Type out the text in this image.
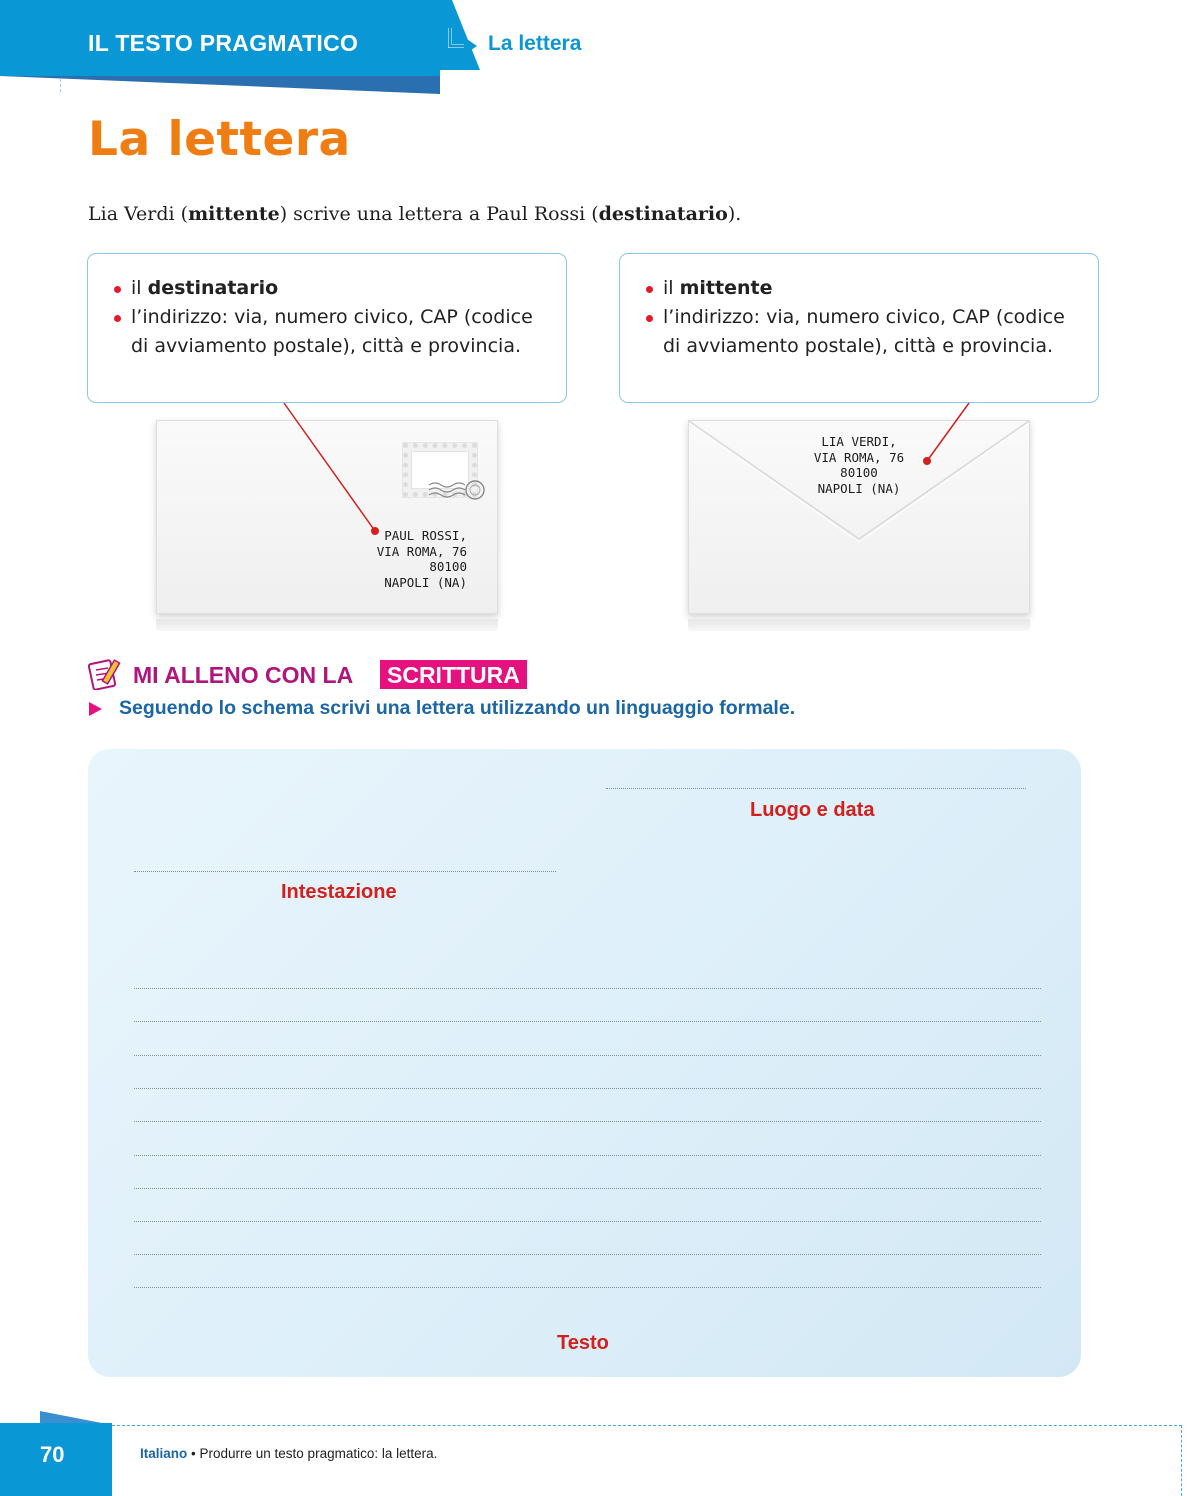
IL TESTO PRAGMATICO	La lettera
La lettera

Lia Verdi (mittente) scrive una lettera a Paul Rossi (destinatario).

il destinatario
l’indirizzo: via, numero civico, CAP (codice di avviamento postale), città e provincia.
il mittente
l’indirizzo: via, numero civico, CAP (codice di avviamento postale), città e provincia.
PAUL ROSSI,
VIA ROMA, 76
80100
NAPOLI (NA)
LIA VERDI,
VIA ROMA, 76
80100
NAPOLI (NA)
MI ALLENO CON LA	SCRITTURA
Seguendo lo schema scrivi una lettera utilizzando un linguaggio formale.
Luogo e data
Intestazione
Testo
70	Italiano • Produrre un testo pragmatico: la lettera.
